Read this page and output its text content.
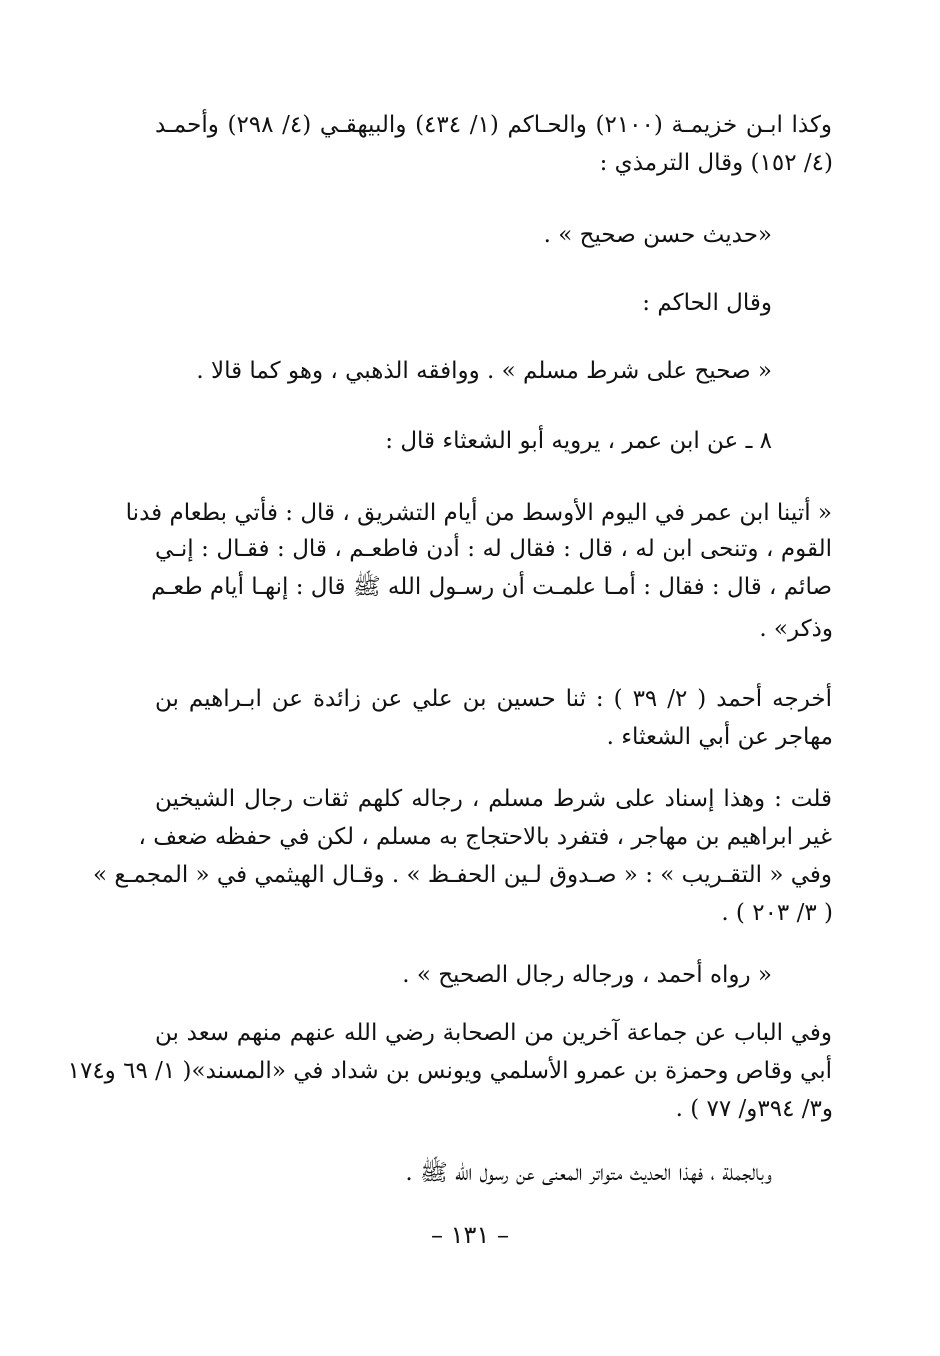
وكذا ابـن خزيمـة (٢١٠٠) والحـاكم (١/ ٤٣٤) والبيهقـي (٤/ ٢٩٨) وأحمـد
(٤/ ١٥٢) وقال الترمذي :
«حديث حسن صحيح » .
وقال الحاكم :
« صحيح على شرط مسلم » . ووافقه الذهبي ، وهو كما قالا .
٨ ـ عن ابن عمر ، يرويه أبو الشعثاء قال :
« أتينا ابن عمر في اليوم الأوسط من أيام التشريق ، قال : فأتي بطعام فدنا
القوم ، وتنحى ابن له ، قال : فقال له : أدن فاطعـم ، قال : فقـال : إنـي
صائم ، قال : فقال : أمـا علمـت أن رسـول الله ﷺ قال : إنهـا أيام طعـم
وذكر» .
أخرجه أحمد ( ٢/ ٣٩ ) : ثنا حسين بن علي عن زائدة عن ابـراهيم بن
مهاجر عن أبي الشعثاء .
قلت : وهذا إسناد على شرط مسلم ، رجاله كلهم ثقات رجال الشيخين
غير ابراهيم بن مهاجر ، فتفرد بالاحتجاج به مسلم ، لكن في حفظه ضعف ،
وفي « التقـريب » : « صـدوق لـين الحفـظ » . وقـال الهيثمي في « المجمـع »
( ٣/ ٢٠٣ ) .
« رواه أحمد ، ورجاله رجال الصحيح » .
وفي الباب عن جماعة آخرين من الصحابة رضي الله عنهم منهم سعد بن
أبي وقاص وحمزة بن عمرو الأسلمي ويونس بن شداد في «المسند»( ١/ ٦٩ و١٧٤
و٣/ ٣٩٤و/ ٧٧ ) .
وبالجملة ، فهذا الحديث متواتر المعنى عن رسول الله ﷺ .
– ١٣١ –
